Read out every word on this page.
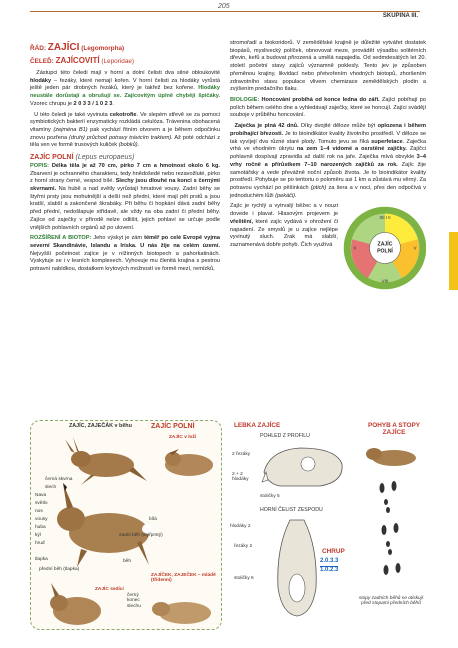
205
SKUPINA III.
ŘÁD: ZAJÍCI (Legomorpha)
ČELEĎ: ZAJÍCOVITÍ (Leporidae)

Zástupci této čeledi mají v horní a dolní čelisti dva silné obloukovité hlodáky – řezáky, které nemají kořen. V horní čelisti za hlodáky vyrůstá ještě jeden pár drobných řezáků, který je takřež bez kořene. Hlodáky neustále dorůstají a obrušují se. Zajícovitým úplně chybějí špičáky. Vzorec chrupu je 2 0 3 3 / 1 0 2 3.

U této čeledi je také vyvinuta cekotrofie. Ve slepém střevě se za pomoci symbiotických bakterií enzymaticky rozkládá celulóza. Trávenina obohacená vitamíny (zejména B1) pak vychází řitním otvorem a je během odpočinku znovu pozřena (druhý průchod potravy trávicím traktem). Až poté odchází z těla ven ve formě trusových kuliček (bobků).

ZAJÍC POLNÍ (Lepus europaeus)

POPIS: Délka těla je až 70 cm, pírko 7 cm a hmotnost okolo 6 kg. Zbarvení je ochranného charakteru, tedy hnědošedé nebo rezavožluté, pírko z horní strany černé, vespod bílé. Slechy jsou dlouhé na konci s černými skvrnami. Na hubě a nad světly vyrůstají hmatové vousy. Zadní běhy se štyřmi prsty jsou mohutnější a delší než přední, které mají pět prstů a jsou kratší, slabší a zakončené škrabáky. Při běhu či hopkání dává zadní běhy před přední, nedošlapuje střídavě, ale vždy na oba zadní či přední běhy. Zajíce od zaječky v přírodě nelze odlišit, jejich pohlaví se určuje podle vnějších pohlavních orgánů až po ulovení.

ROZŠÍŘENÍ A BIOTOP: Jeho výskyt je zám téměř po celé Evropě vyjma severní Skandinávie, Islandu a Iríska. U nás žije na celém území. Nejvyšší početnost zajíce je v nížinných biotopech a pahorkatinách. Vyskytuje se i v lesních komplexech. Vyhovuje mu členitá krajina s pestrou potravní nabídkou, dostatkem krytových možností ve formě mezí, remízků,

stromořadí a biokoridorů. V zemědělské krajině je důležité vytvářet dostatek biopásů, myslivecký políček, obnovovat meze, provádět výsadbu solitérních dřevin, keřů a budovat přirozená a umělá napajedla. Od sedmdesátých let 20. století početní stavy zajíců významně poklesly. Tento jev je způsoben přeměnou krajiny, likvidací nebo přetvořením vhodných biotopů, zhoršením zdravotního stavu populace vlivem chemizace zemědělských plodin a zvýšením predačního tlaku.

BIOLOGIE: Honcování probíhá od konce ledna do září. Zajíci pobíhají po polích během celého dne a vyhledávají zaječky, které se honcují. Zajíci svádějí souboje v průběhu honcování.

Zaječka je plná 42 dnů. Díky dvojité děloze může být oplozena i během probíhající březosti. Je to bioindikátor kvality životního prostředí. V děloze se tak vyvíjejí dva různé staré plody. Tomuto jevu se říká superfetace. Zaječka vrhá ve vhodném úkrytu na zem 1–4 vidomé a osrstěné zajíčky. Zajíčci pohlavně dospívají zpravidla až další rok na jaře. Zaječka mívá obvykle 3–4 vrhy ročně a přírůstkem 7–10 narozených zajíčků za rok. Zajíc žije samotářsky a vede převážně noční způsob života. Je to bioindikátor kvality prostředí. Pohybuje se po teritoriu o poloměru asi 1 km a zůstává mu věrný. Za potravou vychází po pěšinkách (ptich) za šera a v noci, přes den odpočívá v jednoduchém lůži (pekáči).

ZAJÍC
POLNÍ
XII I II
V
VIII
X

Zajíc je rychlý a vytrvalý běžec a v nouzi dovede i plavat. Hlasovým projevem je vřeštění, které zajíc vydává v ohrožení či napadení. Ze smyslů je u zajíce nejlépe vyvinutý sluch. Zrak má slabší, zaznamenává dobře pohyb. Čich využívá

ZAJÍC, ZAJEČÁK v běhu	ZAJÍC POLNÍ
ZAJÍC v loži
černá skvrna
slech
Nava
světlo
nos
vousy
huba
kýl
hruď
tlapka
přední běh (tlapka)
zadní běh (štyřprstý)
bílá
běh
ZAJÍC sedící
ZAJÍČEK, ZAJEČEK – mládě (třídenní)
černý konec slechu
LEBKA ZAJÍCE
POHLED Z PROFILU
2 řezáky
2 + 2 hlodáky
stoličky 5
HORNÍ ČELIST ZESPODU
hlodáky 2
řezáky 2
stoličky 6
CHRUP
2.0.3.3
1.0.2.3
POHYB A STOPY ZAJÍCE
stopy zadních běhů se otiskují před stopami předních běhů
